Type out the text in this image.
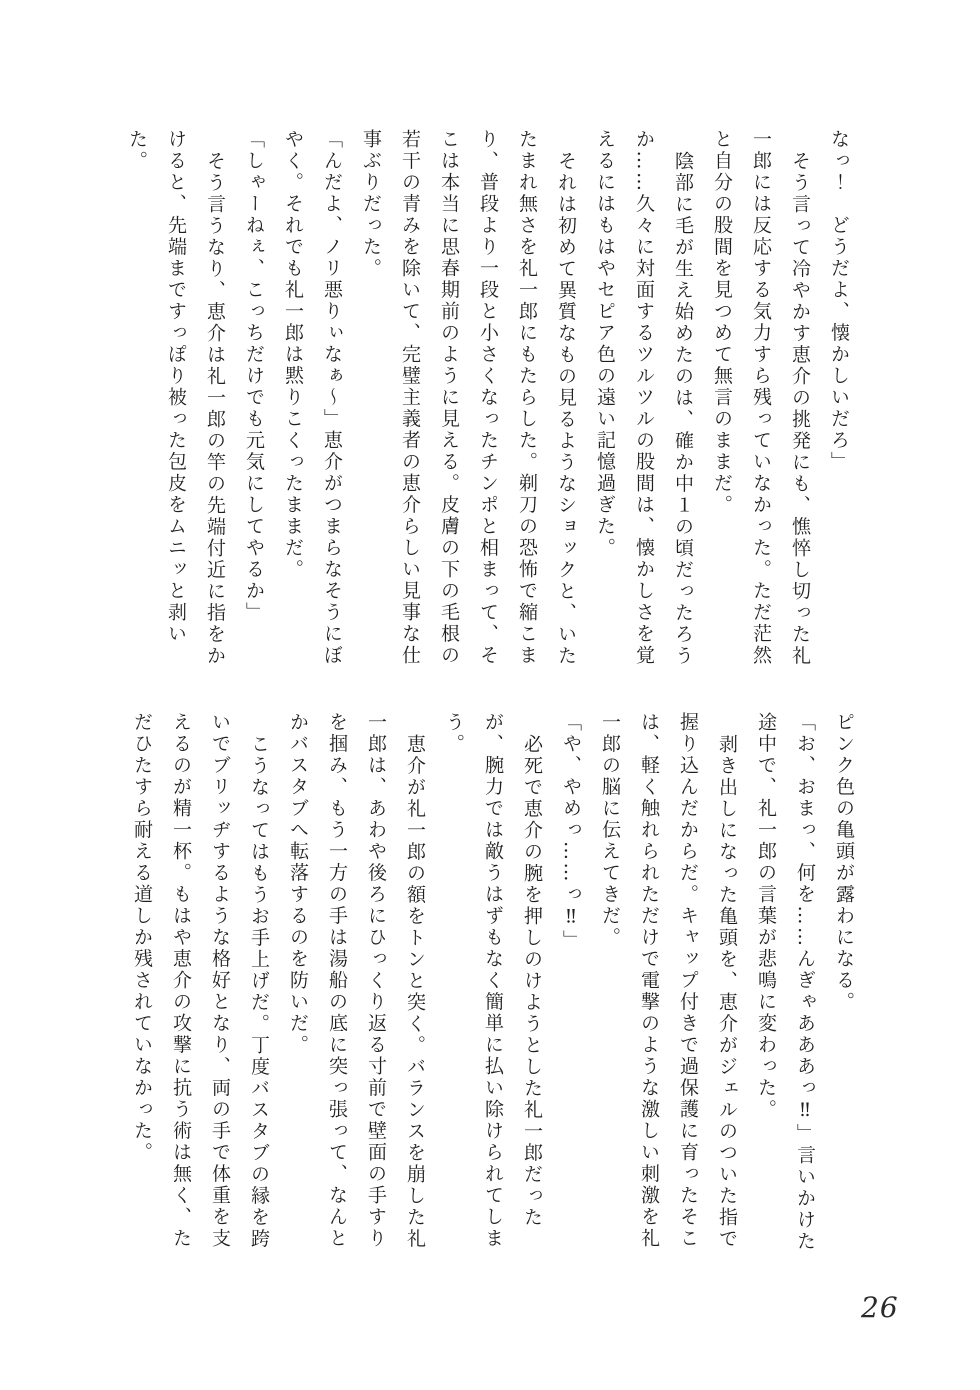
なっ！　どうだよ、懐かしいだろ」

そう言って冷やかす恵介の挑発にも、憔悴し切った礼一郎には反応する気力すら残っていなかった。ただ茫然と自分の股間を見つめて無言のままだ。

陰部に毛が生え始めたのは、確か中１の頃だったろうか……久々に対面するツルツルの股間は、懐かしさを覚えるにはもはやセピア色の遠い記憶過ぎた。

それは初めて異質なもの見るようなショックと、いたたまれ無さを礼一郎にもたらした。剃刀の恐怖で縮こまり、普段より一段と小さくなったチンポと相まって、そこは本当に思春期前のように見える。皮膚の下の毛根の若干の青みを除いて、完璧主義者の恵介らしい見事な仕事ぶりだった。

「んだよ、ノリ悪りぃなぁ〜」恵介がつまらなそうにぼやく。それでも礼一郎は黙りこくったままだ。

「しゃーねぇ、こっちだけでも元気にしてやるか」

そう言うなり、恵介は礼一郎の竿の先端付近に指をかけると、先端まですっぽり被った包皮をムニッと剥いた。

ピンク色の亀頭が露わになる。

「お、おまっ、何を……んぎゃあああっ‼」言いかけた途中で、礼一郎の言葉が悲鳴に変わった。

剥き出しになった亀頭を、恵介がジェルのついた指で握り込んだからだ。キャップ付きで過保護に育ったそこは、軽く触れられただけで電撃のような激しい刺激を礼一郎の脳に伝えてきだ。

「や、やめっ……っ‼」

必死で恵介の腕を押しのけようとした礼一郎だったが、腕力では敵うはずもなく簡単に払い除けられてしまう。

恵介が礼一郎の額をトンと突く。バランスを崩した礼一郎は、あわや後ろにひっくり返る寸前で壁面の手すりを掴み、もう一方の手は湯船の底に突っ張って、なんとかバスタブへ転落するのを防いだ。

こうなってはもうお手上げだ。丁度バスタブの縁を跨いでブリッヂするような格好となり、両の手で体重を支えるのが精一杯。もはや恵介の攻撃に抗う術は無く、ただひたすら耐える道しか残されていなかった。

26
